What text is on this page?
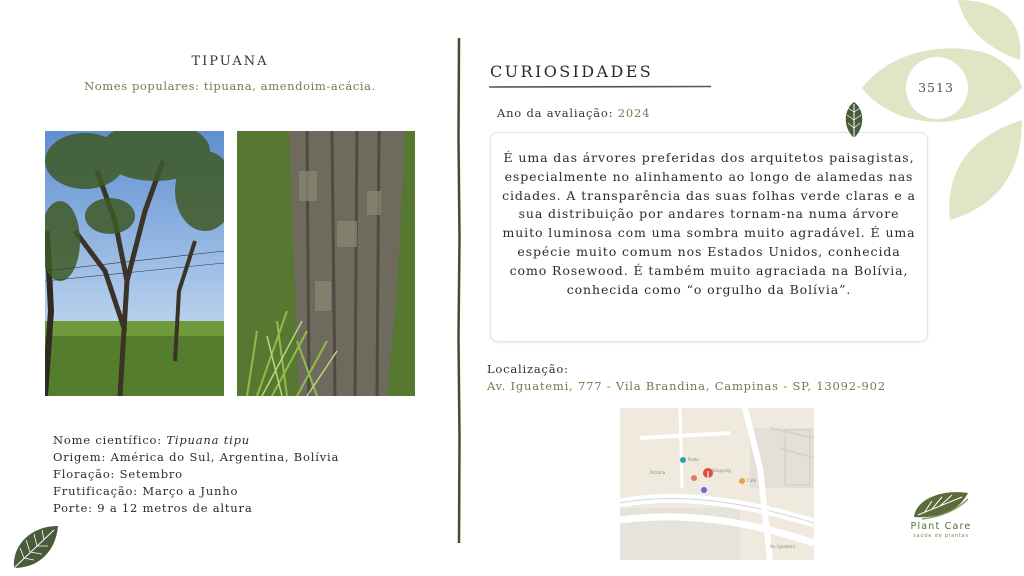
TIPUANA
Nomes populares: tipuana, amendoim-acácia.
Nome científico: Tipuana tipu
Origem: América do Sul, Argentina, Bolívia
Floração: Setembro
Frutificação: Março a Junho
Porte: 9 a 12 metros de altura
CURIOSIDADES
Ano da avaliação: 2024
É uma das árvores preferidas dos arquitetos paisagistas, especialmente no alinhamento ao longo de alamedas nas cidades. A transparência das suas folhas verde claras e a sua distribuição por andares tornam-na numa árvore muito luminosa com uma sombra muito agradável. É uma espécie muito comum nos Estados Unidos, conhecida como Rosewood. É também muito agraciada na Bolívia, conhecida como “o orgulho da Bolívia”.
Localização:
Av. Iguatemi, 777 - Vila Brandina, Campinas - SP, 13092-902
Posto
Shopping
Pizzaria
Café
Av. Iguatemi
3513
Plant Care
saúde de plantas
